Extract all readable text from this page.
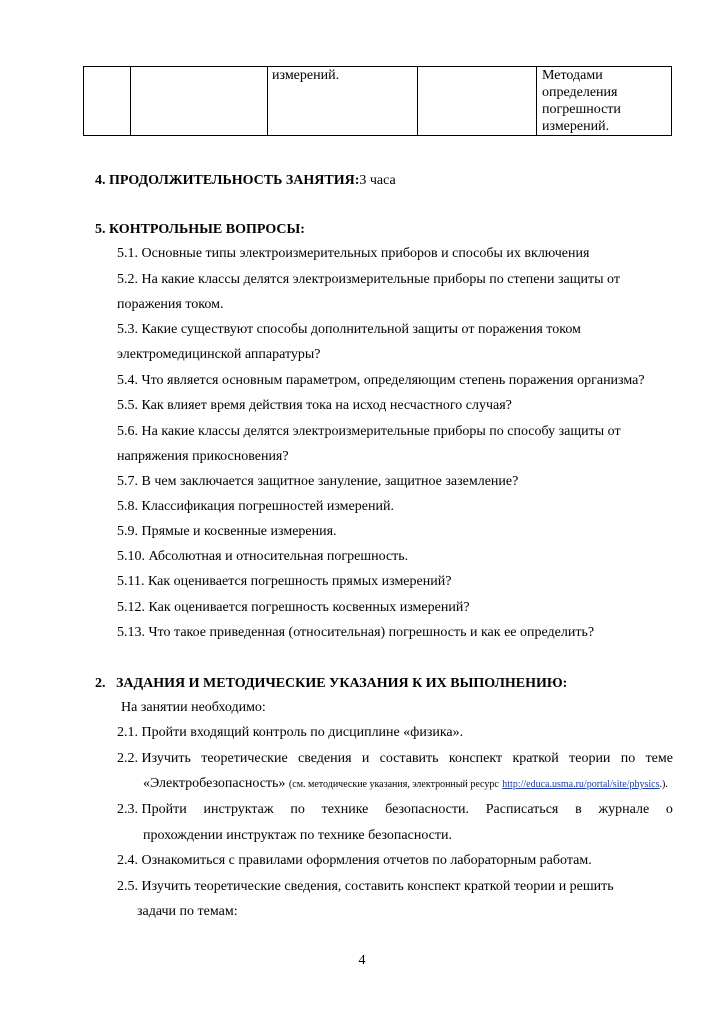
		измерений.		Методами
определения
погрешности
измерений.
4. ПРОДОЛЖИТЕЛЬНОСТЬ ЗАНЯТИЯ:3 часа
5. КОНТРОЛЬНЫЕ ВОПРОСЫ:
5.1. Основные типы электроизмерительных приборов и способы их включения
5.2. На какие классы делятся электроизмерительные приборы по степени защиты от
поражения током.
5.3. Какие существуют способы дополнительной защиты от поражения током
электромедицинской аппаратуры?
5.4. Что является основным параметром, определяющим степень поражения организма?
5.5. Как влияет время действия тока на исход несчастного случая?
5.6. На какие классы делятся электроизмерительные приборы по способу защиты от
напряжения прикосновения?
5.7. В чем заключается защитное зануление, защитное заземление?
5.8. Классификация погрешностей измерений.
5.9. Прямые и косвенные измерения.
5.10. Абсолютная и относительная погрешность.
5.11. Как оценивается погрешность прямых измерений?
5.12. Как оценивается погрешность косвенных измерений?
5.13. Что такое приведенная (относительная) погрешность и как ее определить?
2.   ЗАДАНИЯ И МЕТОДИЧЕСКИЕ УКАЗАНИЯ К ИХ ВЫПОЛНЕНИЮ:
На занятии необходимо:
2.1. Пройти входящий контроль по дисциплине «физика».
2.2. Изучить теоретические сведения и составить конспект краткой теории по теме
«Электробезопасность» (см. методические указания, электронный ресурс http://educa.usma.ru/portal/site/physics.).
2.3. Пройти инструктаж по технике безопасности. Расписаться в журнале о
прохождении инструктаж по технике безопасности.
2.4. Ознакомиться с правилами оформления отчетов по лабораторным работам.
2.5. Изучить теоретические сведения, составить конспект краткой теории и решить
задачи по темам:
4
